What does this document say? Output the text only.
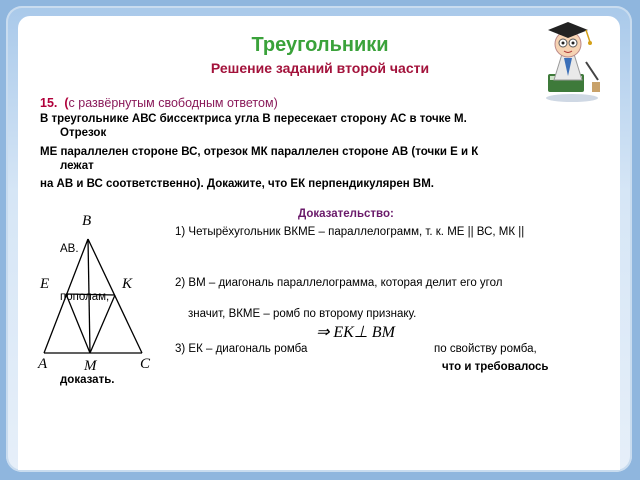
Треугольники
Решение заданий второй части
15. (с развёрнутым свободным ответом)
В треугольнике АВС биссектриса угла В пересекает сторону АС в точке М.
Отрезок
МЕ параллелен стороне ВС, отрезок МК параллелен стороне АВ (точки Е и К
лежат
на АВ и ВС соответственно). Докажите, что ЕК перпендикулярен ВМ.
B
E	K
A M	C
Доказательство:
1) Четырёхугольник ВКМЕ – параллелограмм, т. к. МЕ || ВС, МК ||
АВ.
2) ВМ – диагональ параллелограмма, которая делит его угол
пополам,
значит, ВКМЕ – ромб по второму признаку.
⇒ EK⊥ BM
3) ЕК – диагональ ромба	по свойству ромба,
что и требовалось
доказать.
